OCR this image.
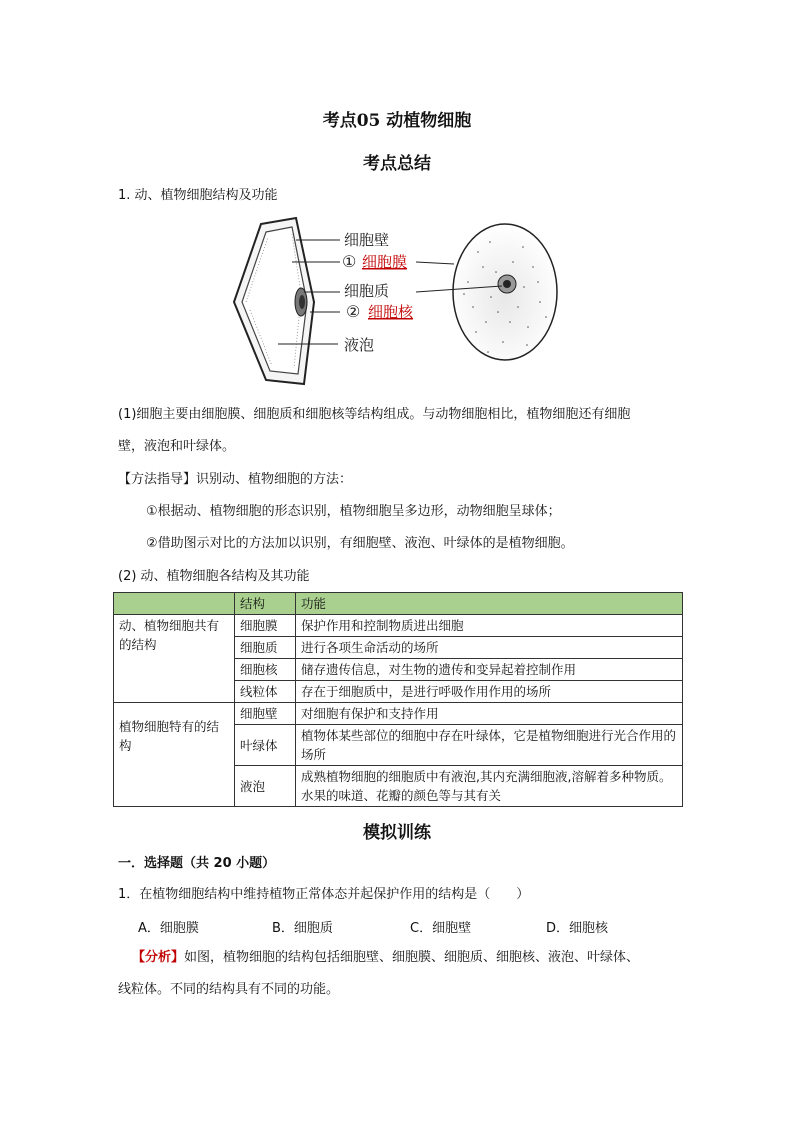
考点05 动植物细胞
考点总结
1. 动、植物细胞结构及功能
细胞壁
① 细胞膜
细胞质
② 细胞核
液泡
(1)细胞主要由细胞膜、细胞质和细胞核等结构组成。与动物细胞相比，植物细胞还有细胞
壁，液泡和叶绿体。
【方法指导】识别动、植物细胞的方法：
①根据动、植物细胞的形态识别，植物细胞呈多边形，动物细胞呈球体；
②借助图示对比的方法加以识别，有细胞壁、液泡、叶绿体的是植物细胞。
(2) 动、植物细胞各结构及其功能
	结构	功能
动、植物细胞共有的结构	细胞膜	保护作用和控制物质进出细胞
	细胞质	进行各项生命活动的场所
	细胞核	储存遗传信息，对生物的遗传和变异起着控制作用
	线粒体	存在于细胞质中，是进行呼吸作用作用的场所
植物细胞特有的结构	细胞壁	对细胞有保护和支持作用
	叶绿体	植物体某些部位的细胞中存在叶绿体，它是植物细胞进行光合作用的场所
	液泡	成熟植物细胞的细胞质中有液泡,其内充满细胞液,溶解着多种物质。水果的味道、花瓣的颜色等与其有关
模拟训练
一．选择题（共 20 小题）
1．在植物细胞结构中维持植物正常体态并起保护作用的结构是（　　）
A．细胞膜	B．细胞质	C．细胞壁	D．细胞核
【分析】如图，植物细胞的结构包括细胞壁、细胞膜、细胞质、细胞核、液泡、叶绿体、
线粒体。不同的结构具有不同的功能。
